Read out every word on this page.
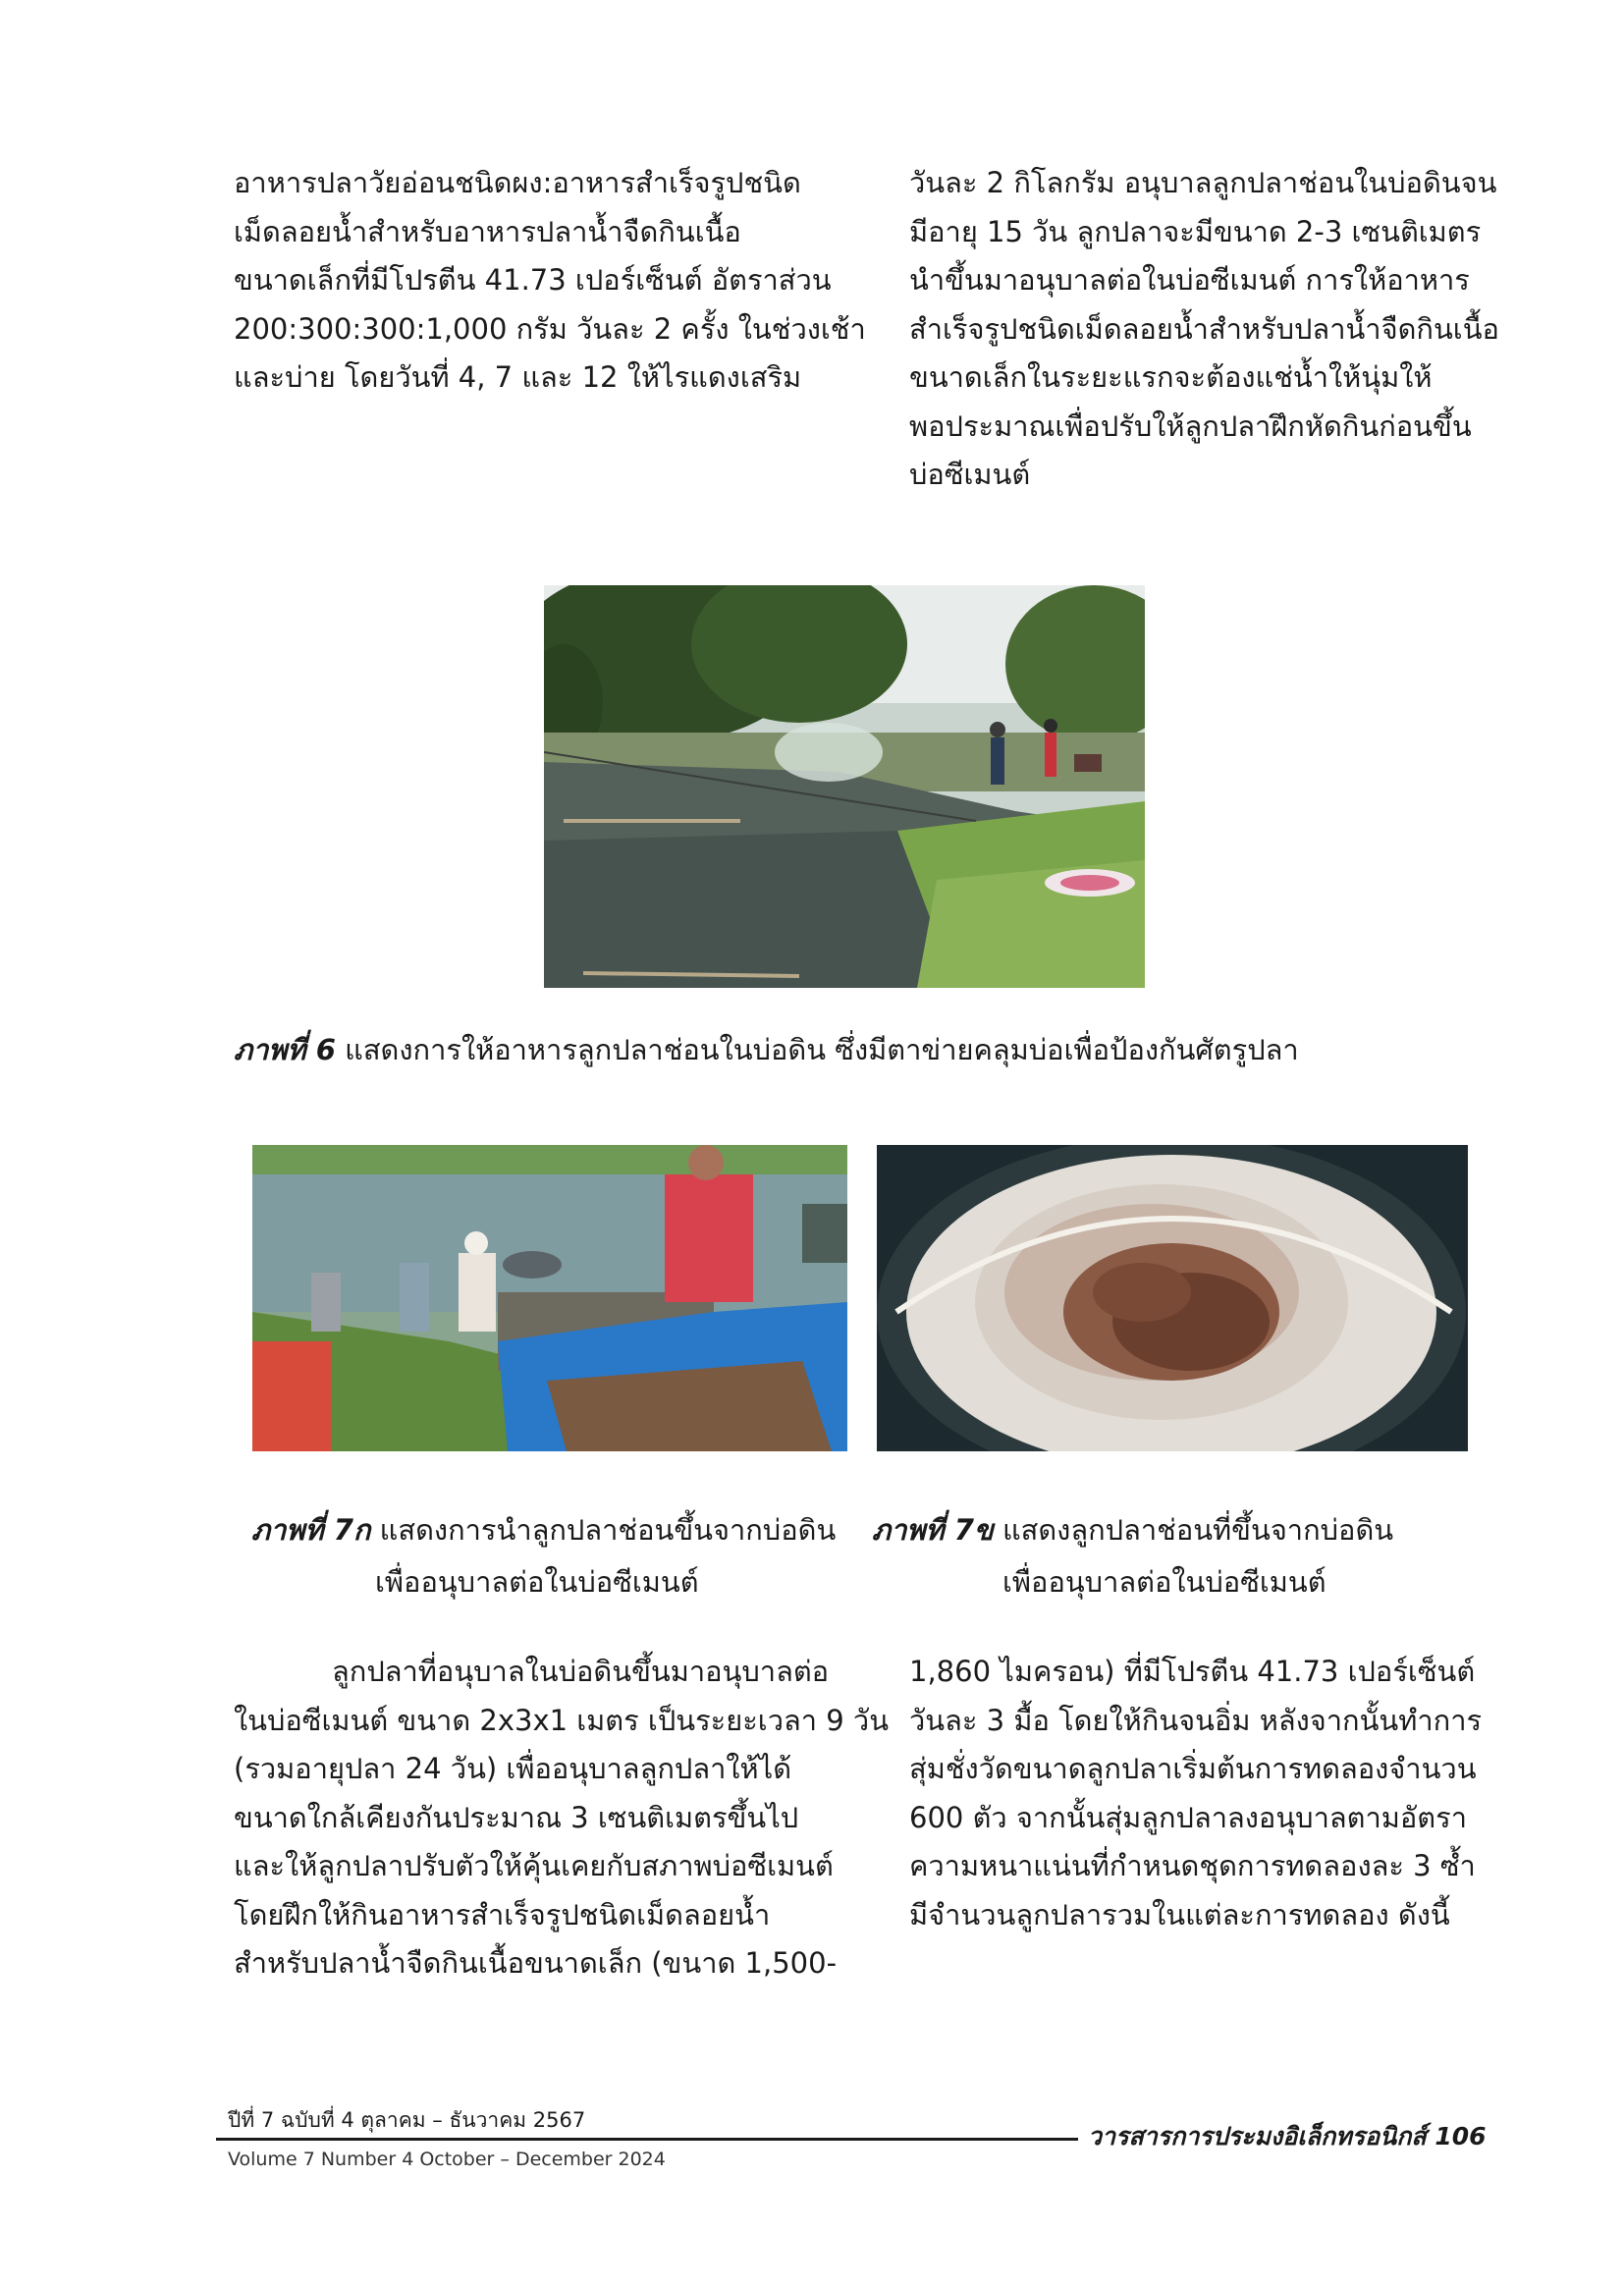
อาหารปลาวัยอ่อนชนิดผง:อาหารสำเร็จรูปชนิด
เม็ดลอยน้ำสำหรับอาหารปลาน้ำจืดกินเนื้อ
ขนาดเล็กที่มีโปรตีน 41.73 เปอร์เซ็นต์ อัตราส่วน
200:300:300:1,000 กรัม วันละ 2 ครั้ง ในช่วงเช้า
และบ่าย โดยวันที่ 4, 7 และ 12 ให้ไรแดงเสริม
วันละ 2 กิโลกรัม อนุบาลลูกปลาช่อนในบ่อดินจน
มีอายุ 15 วัน ลูกปลาจะมีขนาด 2-3 เซนติเมตร
นำขึ้นมาอนุบาลต่อในบ่อซีเมนต์ การให้อาหาร
สำเร็จรูปชนิดเม็ดลอยน้ำสำหรับปลาน้ำจืดกินเนื้อ
ขนาดเล็กในระยะแรกจะต้องแช่น้ำให้นุ่มให้
พอประมาณเพื่อปรับให้ลูกปลาฝึกหัดกินก่อนขึ้น
บ่อซีเมนต์

ภาพที่ 6 แสดงการให้อาหารลูกปลาช่อนในบ่อดิน ซึ่งมีตาข่ายคลุมบ่อเพื่อป้องกันศัตรูปลา

ภาพที่ 7ก แสดงการนำลูกปลาช่อนขึ้นจากบ่อดิน

เพื่ออนุบาลต่อในบ่อซีเมนต์

ภาพที่ 7ข แสดงลูกปลาช่อนที่ขึ้นจากบ่อดิน

เพื่ออนุบาลต่อในบ่อซีเมนต์

ลูกปลาที่อนุบาลในบ่อดินขึ้นมาอนุบาลต่อ
ในบ่อซีเมนต์ ขนาด 2x3x1 เมตร เป็นระยะเวลา 9 วัน
(รวมอายุปลา 24 วัน) เพื่ออนุบาลลูกปลาให้ได้
ขนาดใกล้เคียงกันประมาณ 3 เซนติเมตรขึ้นไป
และให้ลูกปลาปรับตัวให้คุ้นเคยกับสภาพบ่อซีเมนต์
โดยฝึกให้กินอาหารสำเร็จรูปชนิดเม็ดลอยน้ำ
สำหรับปลาน้ำจืดกินเนื้อขนาดเล็ก (ขนาด 1,500-
1,860 ไมครอน) ที่มีโปรตีน 41.73 เปอร์เซ็นต์
วันละ 3 มื้อ โดยให้กินจนอิ่ม หลังจากนั้นทำการ
สุ่มชั่งวัดขนาดลูกปลาเริ่มต้นการทดลองจำนวน
600 ตัว จากนั้นสุ่มลูกปลาลงอนุบาลตามอัตรา
ความหนาแน่นที่กำหนดชุดการทดลองละ 3 ซ้ำ
มีจำนวนลูกปลารวมในแต่ละการทดลอง ดังนี้

ปีที่ 7 ฉบับที่ 4 ตุลาคม – ธันวาคม 2567

วารสารการประมงอิเล็กทรอนิกส์ 106

Volume 7 Number 4 October – December 2024
